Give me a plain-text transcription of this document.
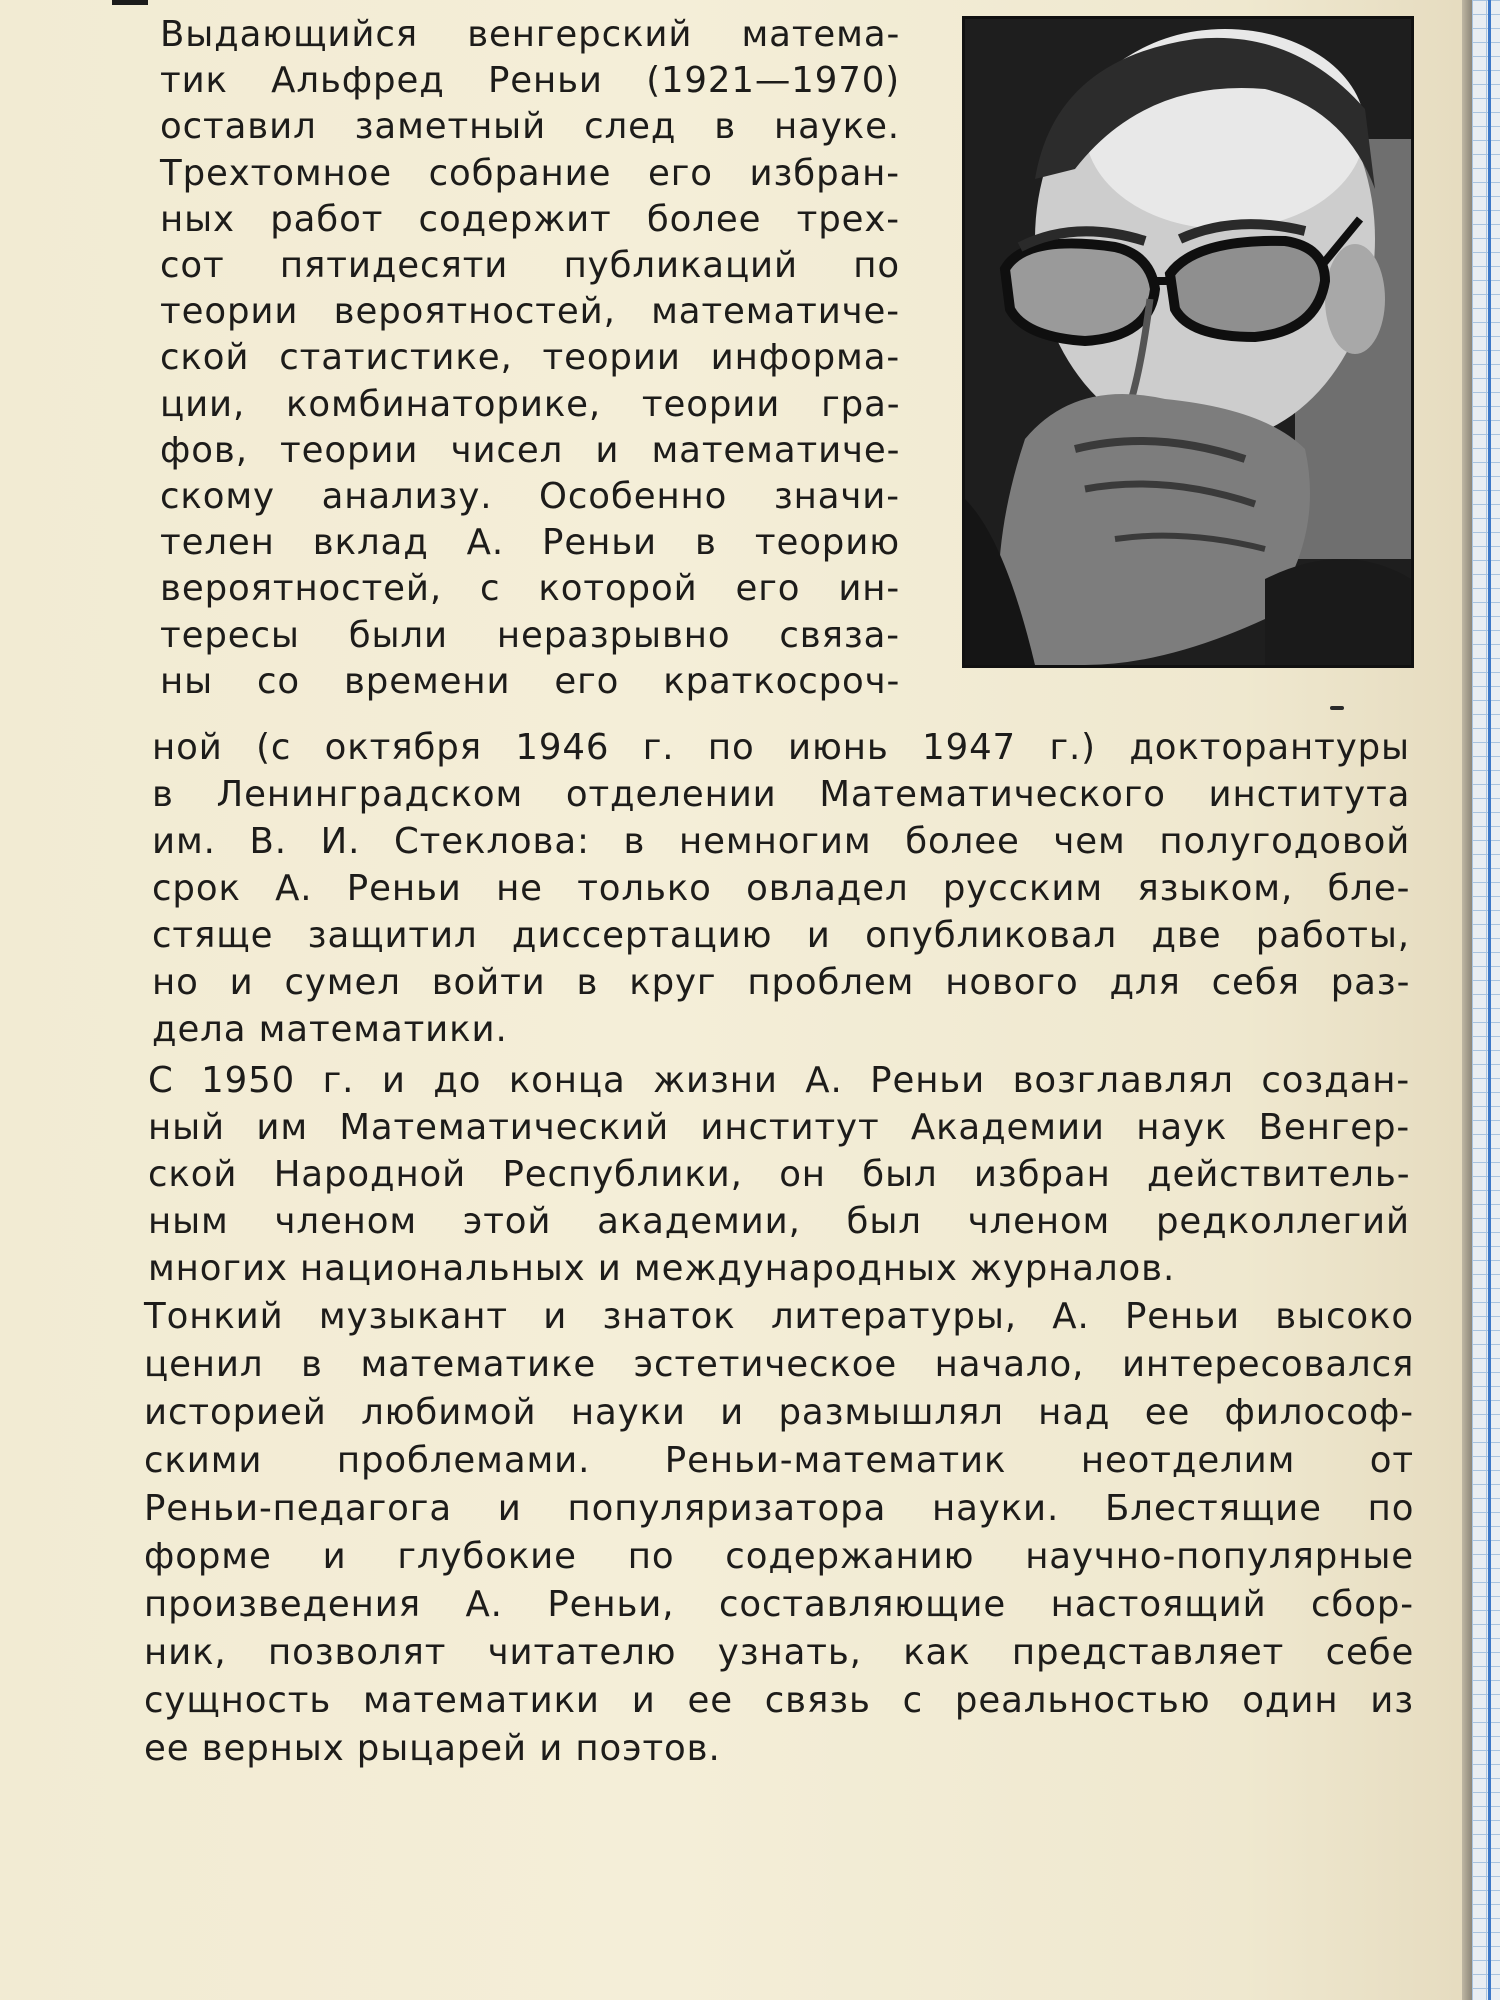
Выдающийся венгерский матема-
тик Альфред Реньи (1921—1970)
оставил заметный след в науке.
Трехтомное собрание его избран-
ных работ содержит более трех-
сот пятидесяти публикаций по
теории вероятностей, математиче-
ской статистике, теории информа-
ции, комбинаторике, теории гра-
фов, теории чисел и математиче-
скому анализу. Особенно значи-
телен вклад А. Реньи в теорию
вероятностей, с которой его ин-
тересы были неразрывно связа-
ны со времени его краткосроч-
ной (с октября 1946 г. по июнь 1947 г.) докторантуры
в Ленинградском отделении Математического института
им. В. И. Стеклова: в немногим более чем полугодовой
срок А. Реньи не только овладел русским языком, бле-
стяще защитил диссертацию и опубликовал две работы,
но и сумел войти в круг проблем нового для себя раз-
дела математики.
С 1950 г. и до конца жизни А. Реньи возглавлял создан-
ный им Математический институт Академии наук Венгер-
ской Народной Республики, он был избран действитель-
ным членом этой академии, был членом редколлегий
многих национальных и международных журналов.
Тонкий музыкант и знаток литературы, А. Реньи высоко
ценил в математике эстетическое начало, интересовался
историей любимой науки и размышлял над ее философ-
скими проблемами. Реньи-математик неотделим от
Реньи-педагога и популяризатора науки. Блестящие по
форме и глубокие по содержанию научно-популярные
произведения А. Реньи, составляющие настоящий сбор-
ник, позволят читателю узнать, как представляет себе
сущность математики и ее связь с реальностью один из
ее верных рыцарей и поэтов.
